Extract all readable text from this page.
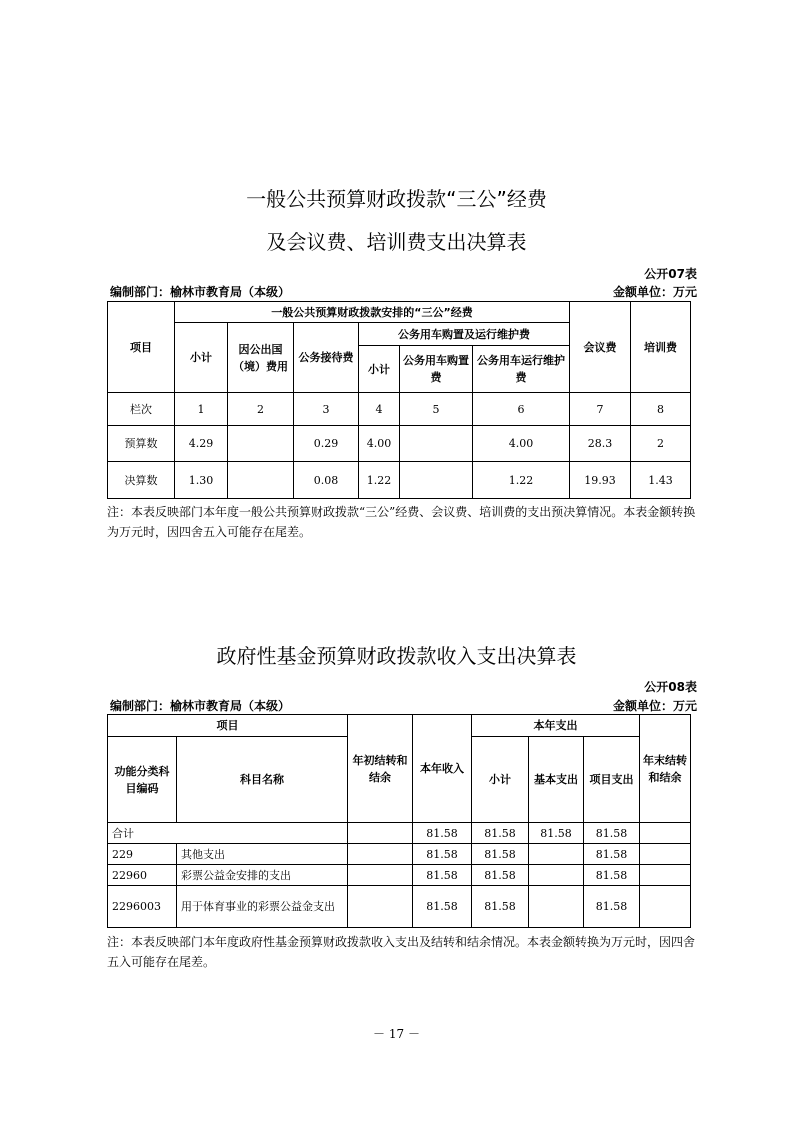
一般公共预算财政拨款“三公”经费
及会议费、培训费支出决算表
公开07表
编制部门：榆林市教育局（本级）	金额单位：万元
项目	一般公共预算财政拨款安排的“三公”经费						会议费	培训费
	小计	因公出国（境）费用	公务接待费	公务用车购置及运行维护费				
				小计	公务用车购置费	公务用车运行维护费		
栏次	1	2	3	4	5	6	7	8
预算数	4.29		0.29	4.00		4.00	28.3	2
决算数	1.30		0.08	1.22		1.22	19.93	1.43
注：本表反映部门本年度一般公共预算财政拨款“三公”经费、会议费、培训费的支出预决算情况。本表金额转换为万元时，因四舍五入可能存在尾差。
政府性基金预算财政拨款收入支出决算表
公开08表
编制部门：榆林市教育局（本级）	金额单位：万元
项目		年初结转和结余	本年收入	本年支出			年末结转和结余
功能分类科目编码	科目名称			小计	基本支出	项目支出	
合计			81.58	81.58	81.58	81.58	
229	其他支出		81.58	81.58		81.58	
22960	彩票公益金安排的支出		81.58	81.58		81.58	
2296003	用于体育事业的彩票公益金支出		81.58	81.58		81.58	
注：本表反映部门本年度政府性基金预算财政拨款收入支出及结转和结余情况。本表金额转换为万元时，因四舍五入可能存在尾差。
－ 17 －
